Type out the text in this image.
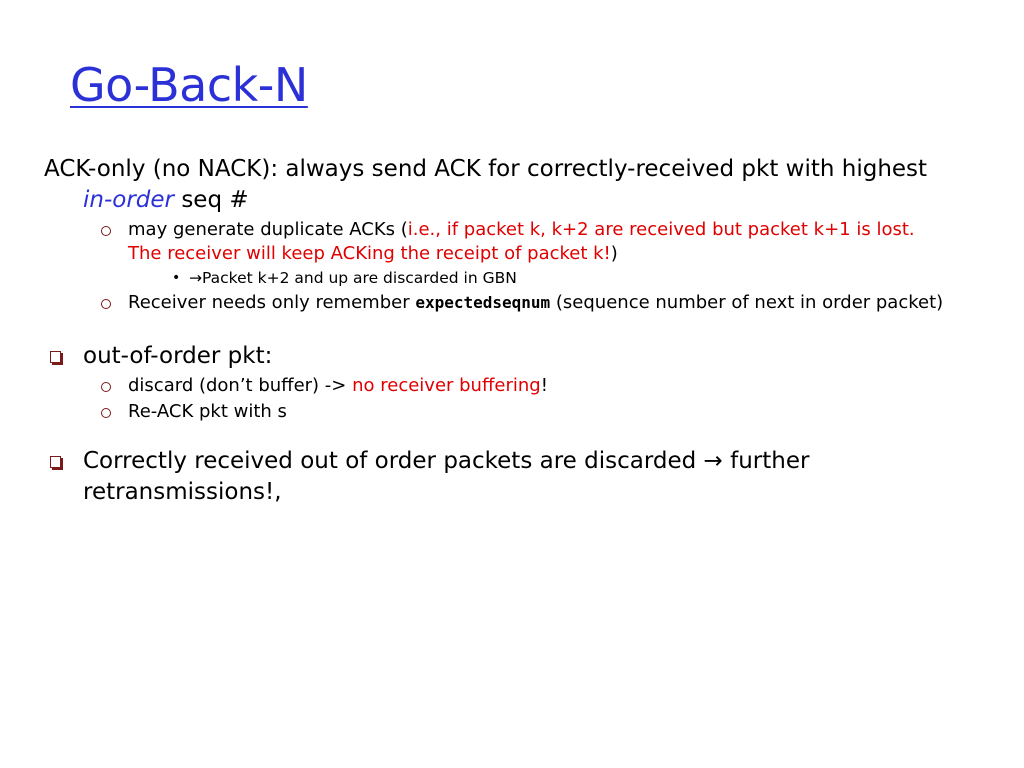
Go-Back-N
ACK-only (no NACK): always send ACK for correctly-received pkt with highest in-order seq #
may generate duplicate ACKs (i.e., if packet k, k+2 are received but packet k+1 is lost. The receiver will keep ACKing the receipt of packet k!)
• →Packet k+2 and up are discarded in GBN
Receiver needs only remember expectedseqnum (sequence number of next in order packet)
out-of-order pkt:
discard (don’t buffer) -> no receiver buffering!
Re-ACK pkt with s
Correctly received out of order packets are discarded → further retransmissions!,
